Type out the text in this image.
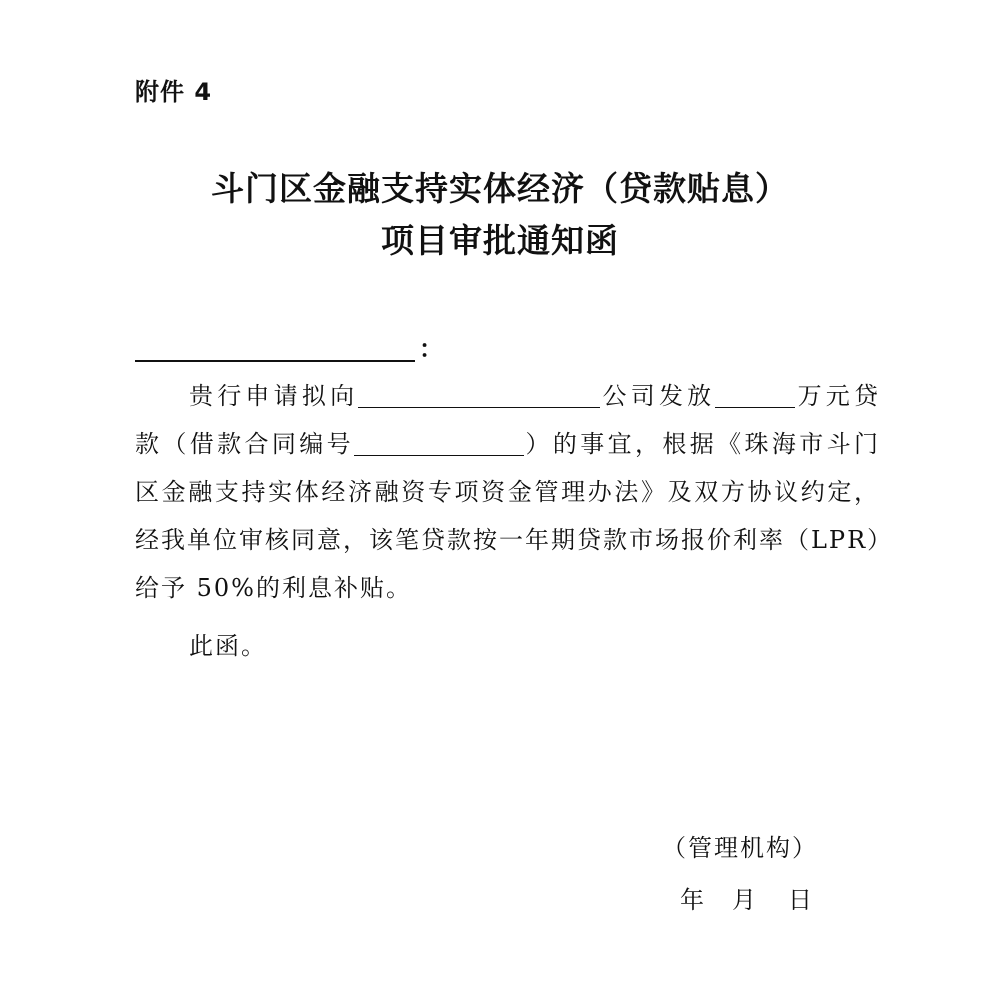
附件 4
斗门区金融支持实体经济（贷款贴息）
项目审批通知函
：
贵行申请拟向	公司发放	万元贷
款（借款合同编号	）的事宜，根据《珠海市斗门
区金融支持实体经济融资专项资金管理办法》及双方协议约定，
经我单位审核同意，该笔贷款按一年期贷款市场报价利率（LPR）
给予 50%的利息补贴。
此函。
（管理机构）
年	月	日
